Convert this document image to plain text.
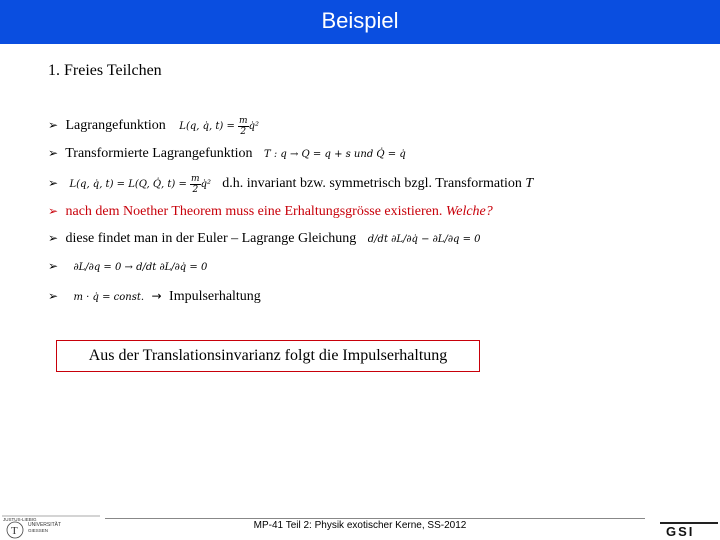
Beispiel
1. Freies Teilchen
➢ Lagrangefunktion L(q, q̇, $t) = \frac{m}{2}$ q̇²
➢ Transformierte Lagrangefunktion T : q → Q = q + s und Q̇ = q̇
➢ L(q, q̇, t) = L(Q, Q̇, $t) = \frac{m}{2}$ q̇² d.h. invariant bzw. symmetrisch bzgl. Transformation T
➢ nach dem Noether Theorem muss eine Erhaltungsgrösse existieren. Welche?
➢ diese findet man in der Euler – Lagrange Gleichung d/dt ∂L/∂q̇ − ∂L/∂q = 0
➢ ∂L/∂q = 0 → d/dt ∂L/∂q̇ = 0
➢ m · q̇ = const. → Impulserhaltung
Aus der Translationsinvarianz folgt die Impulserhaltung
JUSTUS-LIEBIG
UNIVERSITÄT
GIESSEN
T	MP-41 Teil 2: Physik exotischer Kerne, SS-2012	GSI
